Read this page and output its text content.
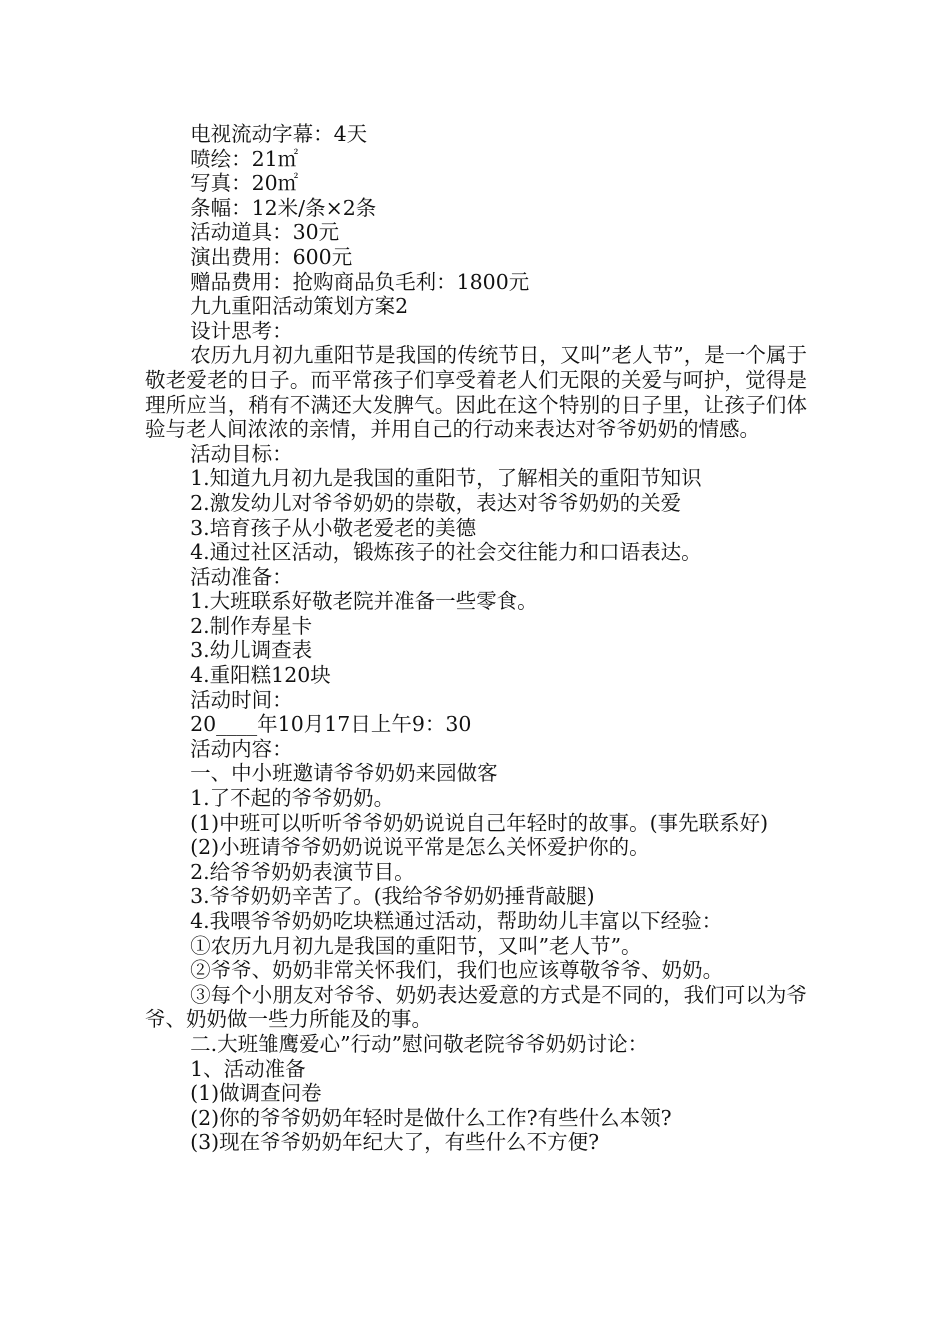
电视流动字幕：4天

喷绘：21㎡

写真：20㎡

条幅：12米/条×2条

活动道具：30元

演出费用：600元

赠品费用：抢购商品负毛利：1800元

九九重阳活动策划方案2

设计思考：

农历九月初九重阳节是我国的传统节日，又叫”老人节”，是一个属于敬老爱老的日子。而平常孩子们享受着老人们无限的关爱与呵护，觉得是理所应当，稍有不满还大发脾气。因此在这个特别的日子里，让孩子们体验与老人间浓浓的亲情，并用自己的行动来表达对爷爷奶奶的情感。

活动目标：

1.知道九月初九是我国的重阳节，了解相关的重阳节知识

2.激发幼儿对爷爷奶奶的崇敬，表达对爷爷奶奶的关爱

3.培育孩子从小敬老爱老的美德

4.通过社区活动，锻炼孩子的社会交往能力和口语表达。

活动准备：

1.大班联系好敬老院并准备一些零食。

2.制作寿星卡

3.幼儿调查表

4.重阳糕120块

活动时间：

20____年10月17日上午9：30

活动内容：

一、中小班邀请爷爷奶奶来园做客

1.了不起的爷爷奶奶。

(1)中班可以听听爷爷奶奶说说自己年轻时的故事。(事先联系好)

(2)小班请爷爷奶奶说说平常是怎么关怀爱护你的。

2.给爷爷奶奶表演节目。

3.爷爷奶奶辛苦了。(我给爷爷奶奶捶背敲腿)

4.我喂爷爷奶奶吃块糕通过活动，帮助幼儿丰富以下经验：

①农历九月初九是我国的重阳节，又叫”老人节”。

②爷爷、奶奶非常关怀我们，我们也应该尊敬爷爷、奶奶。

③每个小朋友对爷爷、奶奶表达爱意的方式是不同的，我们可以为爷爷、奶奶做一些力所能及的事。

二.大班雏鹰爱心”行动”慰问敬老院爷爷奶奶讨论：

1、活动准备

(1)做调查问卷

(2)你的爷爷奶奶年轻时是做什么工作?有些什么本领?

(3)现在爷爷奶奶年纪大了，有些什么不方便?
